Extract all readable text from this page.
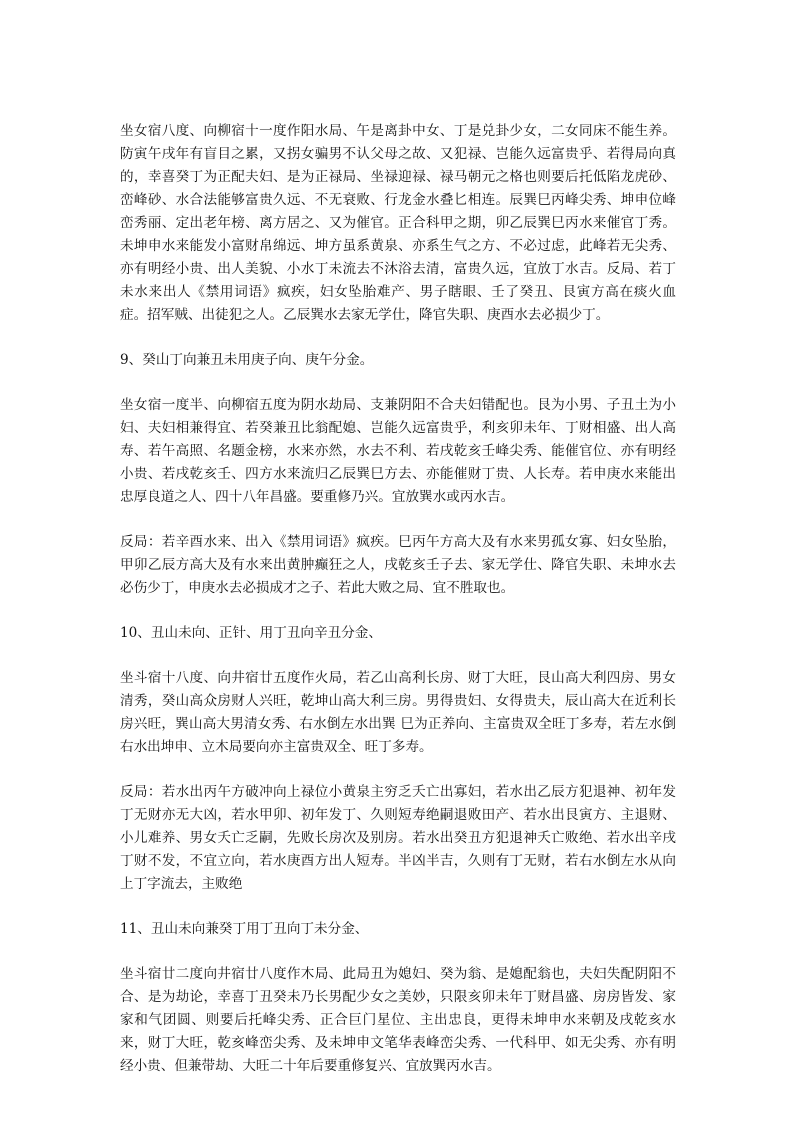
坐女宿八度、向柳宿十一度作阳水局、午是离卦中女、丁是兑卦少女，二女同床不能生养。防寅午戌年有盲目之累，又拐女骗男不认父母之故、又犯禄、岂能久远富贵乎、若得局向真的，幸喜癸丁为正配夫妇、是为正禄局、坐禄迎禄、禄马朝元之格也则要后托低陷龙虎砂、峦峰砂、水合法能够富贵久远、不无衰败、行龙金水叠匕相连。辰巽巳丙峰尖秀、坤申位峰峦秀丽、定出老年榜、离方居之、又为催官。正合科甲之期，卯乙辰巽巳丙水来催官丁秀。未坤申水来能发小富财帛绵远、坤方虽系黄泉、亦系生气之方、不必过虑，此峰若无尖秀、亦有明经小贵、出人美貌、小水丁未流去不沐浴去清，富贵久远，宜放丁水吉。反局、若丁未水来出人《禁用词语》疯疾，妇女坠胎难产、男子瞎眼、壬了癸丑、艮寅方高在痰火血症。招军贼、出徒犯之人。乙辰巽水去家无学仕，降官失职、庚酉水去必损少丁。

9、癸山丁向兼丑未用庚子向、庚午分金。

坐女宿一度半、向柳宿五度为阴水劫局、支兼阴阳不合夫妇错配也。艮为小男、子丑土为小妇、夫妇相兼得宜、若癸兼丑比翁配媳、岂能久远富贵乎，利亥卯未年、丁财相盛、出人高寿、若午高照、名题金榜，水来亦然，水去不利、若戌乾亥壬峰尖秀、能催官位、亦有明经小贵、若戌乾亥壬、四方水来流归乙辰巽巳方去、亦能催财丁贵、人长寿。若申庚水来能出忠厚良道之人、四十八年昌盛。要重修乃兴。宜放巽水或丙水吉。

反局：若辛酉水来、出入《禁用词语》疯疾。巳丙午方高大及有水来男孤女寡、妇女坠胎，甲卯乙辰方高大及有水来出黄肿癫狂之人，戌乾亥壬子去、家无学仕、降官失职、未坤水去必伤少丁，申庚水去必损成才之子、若此大败之局、宜不胜取也。

10、丑山未向、正针、用丁丑向辛丑分金、

坐斗宿十八度、向井宿廿五度作火局，若乙山高利长房、财丁大旺，艮山高大利四房、男女清秀，癸山高众房财人兴旺，乾坤山高大利三房。男得贵妇、女得贵夫，辰山高大在近利长房兴旺，巽山高大男清女秀、右水倒左水出巽 巳为正养向、主富贵双全旺丁多寿，若左水倒右水出坤申、立木局要向亦主富贵双全、旺丁多寿。

反局：若水出丙午方破冲向上禄位小黄泉主穷乏夭亡出寡妇，若水出乙辰方犯退神、初年发丁无财亦无大凶，若水甲卯、初年发丁、久则短寿绝嗣退败田产、若水出艮寅方、主退财、小儿难养、男女夭亡乏嗣，先败长房次及别房。若水出癸丑方犯退神夭亡败绝、若水出辛戌丁财不发，不宜立向，若水庚酉方出人短寿。半凶半吉，久则有丁无财，若右水倒左水从向上丁字流去，主败绝

11、丑山未向兼癸丁用丁丑向丁未分金、

坐斗宿廿二度向井宿廿八度作木局、此局丑为媳妇、癸为翁、是媳配翁也，夫妇失配阴阳不合、是为劫论，幸喜丁丑癸未乃长男配少女之美妙，只限亥卯未年丁财昌盛、房房皆发、家家和气团圆、则要后托峰尖秀、正合巨门星位、主出忠良，更得未坤申水来朝及戌乾亥水来，财丁大旺，乾亥峰峦尖秀、及未坤申文笔华表峰峦尖秀、一代科甲、如无尖秀、亦有明经小贵、但兼带劫、大旺二十年后要重修复兴、宜放巽丙水吉。
